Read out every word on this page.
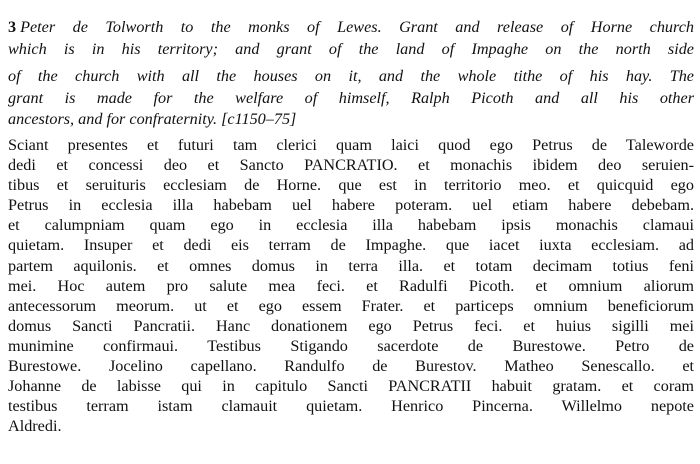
3 Peter de Tolworth to the monks of Lewes. Grant and release of Horne church
which is in his territory; and grant of the land of Impaghe on the north side
of the church with all the houses on it, and the whole tithe of his hay. The
grant is made for the welfare of himself, Ralph Picoth and all his other
ancestors, and for confraternity. [c1150–75]
Sciant presentes et futuri tam clerici quam laici quod ego Petrus de Taleworde
dedi et concessi deo et Sancto PANCRATIO. et monachis ibidem deo seruien-
tibus et seruituris ecclesiam de Horne. que est in territorio meo. et quicquid ego
Petrus in ecclesia illa habebam uel habere poteram. uel etiam habere debebam.
et calumpniam quam ego in ecclesia illa habebam ipsis monachis clamaui
quietam. Insuper et dedi eis terram de Impaghe. que iacet iuxta ecclesiam. ad
partem aquilonis. et omnes domus in terra illa. et totam decimam totius feni
mei. Hoc autem pro salute mea feci. et Radulfi Picoth. et omnium aliorum
antecessorum meorum. ut et ego essem Frater. et particeps omnium beneficiorum
domus Sancti Pancratii. Hanc donationem ego Petrus feci. et huius sigilli mei
munimine confirmaui. Testibus Stigando sacerdote de Burestowe. Petro de
Burestowe. Jocelino capellano. Randulfo de Burestov. Matheo Senescallo. et
Johanne de labisse qui in capitulo Sancti PANCRATII habuit gratam. et coram
testibus terram istam clamauit quietam. Henrico Pincerna. Willelmo nepote
Aldredi.
